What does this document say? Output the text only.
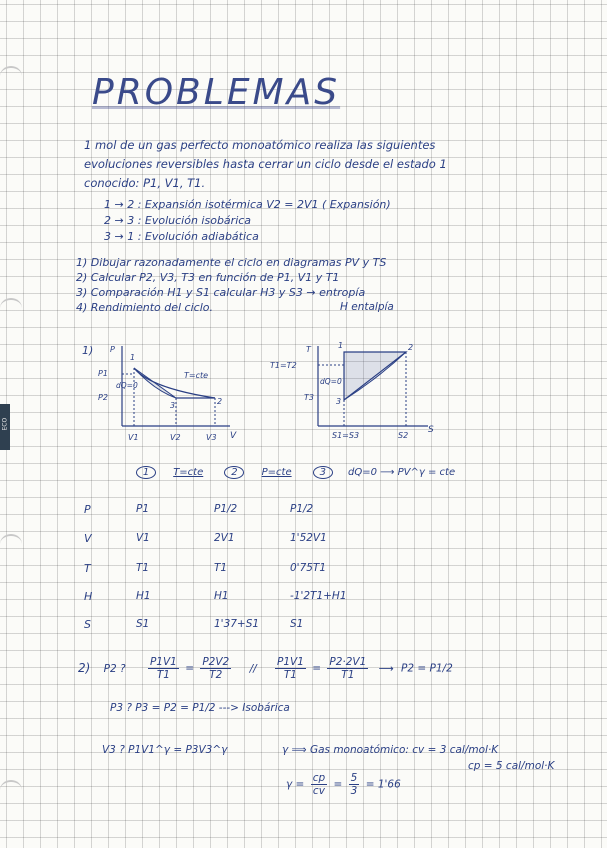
ECO
PROBLEMAS
1 mol de un gas perfecto monoatómico realiza las siguientes
evoluciones reversibles hasta cerrar un ciclo desde el estado 1
conocido: P1, V1, T1.
1 → 2 : Expansión isotérmica V2 = 2V1 ( Expansión)
2 → 3 : Evolución isobárica
3 → 1 : Evolución adiabática
1) Dibujar razonadamente el ciclo en diagramas PV y TS
2) Calcular P2, V3, T3 en función de P1, V1 y T1
3) Comparación H1 y S1 calcular H3 y S3 → entropía
4) Rendimiento del ciclo.	H entalpía
1) P
V
P1
P2
1
2
3
T=cte
dQ=0
V1	V2	V3
T
S
T1=T2
T3
1	2
3
dQ=0
S1=S3	S2
1 T=cte	2 P=cte	3 dQ=0 ⟶ PV^γ = cte
P	P1	P1/2	P1/2
V	V1	2V1	1'52V1
T	T1	T1	0'75T1
H	H1	H1	-1'2T1+H1
S	S1	1'37+S1	S1
2) P2 ? $\frac{P1V1}{T1} = \frac{P2V2}{T2} // \frac{P1V1}{T1} = \frac{P2\cdot 2V1}{T1}$ ⟶ P2 = P1/2
P3 ? P3 = P2 = P1/2 ---> Isobárica
V3 ? P1V1^γ = P3V3^γ	γ ⟹ Gas monoatómico: cv = 3 cal/mol·K
cp = 5 cal/mol·K
$\gamma = \frac{cp}{cv} = \frac{5}{3} = 1'66$
